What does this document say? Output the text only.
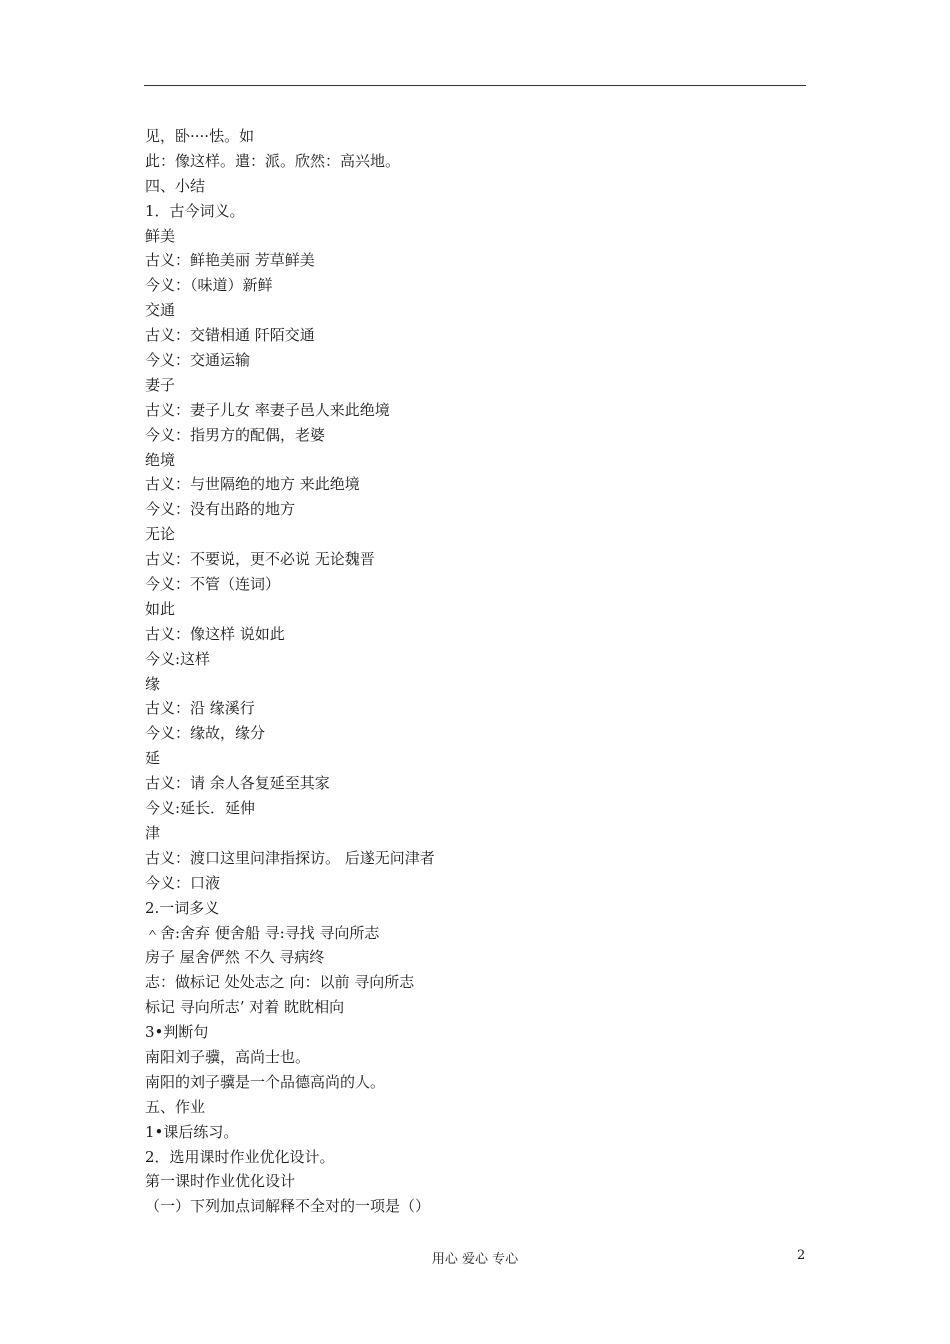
见，卧····怯。如
此：像这样。遣：派。欣然：高兴地。
四、小结
1．古今词义。
鲜美
古义：鲜艳美丽 芳草鲜美
今义：（味道）新鲜
交通
古义：交错相通 阡陌交通
今义：交通运输
妻子
古义：妻子儿女 率妻子邑人来此绝境
今义：指男方的配偶，老婆
绝境
古义：与世隔绝的地方 来此绝境
今义：没有出路的地方
无论
古义：不要说，更不必说 无论魏晋
今义：不管（连词）
如此
古义：像这样 说如此
今义:这样
缘
古义：沿 缘溪行
今义：缘故，缘分
延
古义：请 余人各复延至其家
今义:延长．延伸
津
古义：渡口这里问津指探访。 后遂无问津者
今义：口液
2.一词多义
＾舍:舍弃 便舍船 寻:寻找 寻向所志
房子 屋舍俨然 不久 寻病终
志：做标记 处处志之 向：以前 寻向所志
标记 寻向所志’ 对着 眈眈相向
3•判断句
南阳刘子骥，高尚士也。
南阳的刘子骥是一个品德高尚的人。
五、作业
1•课后练习。
2．选用课时作业优化设计。
第一课时作业优化设计
（一）下列加点词解释不全对的一项是（）
用心 爱心 专心	2
